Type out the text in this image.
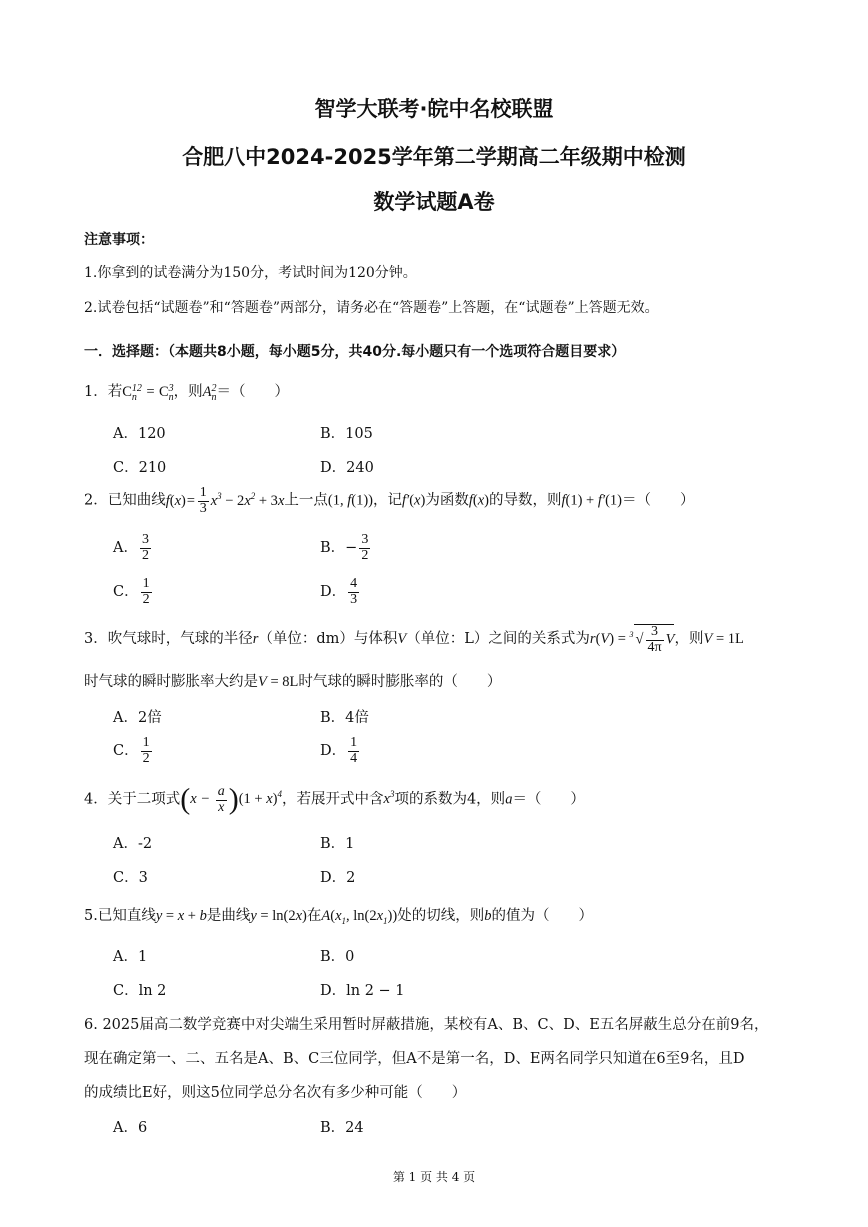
智学大联考·皖中名校联盟
合肥八中2024-2025学年第二学期高二年级期中检测
数学试题A卷
注意事项：
1.你拿到的试卷满分为150分，考试时间为120分钟。
2.试卷包括“试题卷”和“答题卷”两部分，请务必在“答题卷”上答题，在“试题卷”上答题无效。
一．选择题：（本题共8小题，每小题5分，共40分.每小题只有一个选项符合题目要求）
1．若C 12
n = C 3
n ，则A 2
n ＝（　　）
A．120	B．105
C．210	D．240
2．已知曲线$f(x)= \frac{1}{3} x^3 - 2x^2 + 3x$上一点(1, f(1))，记f′(x)为函数f(x)的导数，则f(1) + f′(1)＝（　　）
A． $\frac{3}{2}$	B．− $\frac{3}{2}$
C． $\frac{1}{2}$	D． $\frac{4}{3}$
3．吹气球时，气球的半径r（单位：dm）与体积V（单位：L）之间的关系式为r(V) = $^3$ √ $\frac{3}{4\pi}$ V，则V = 1L
时气球的瞬时膨胀率大约是V = 8L时气球的瞬时膨胀率的（　　）
A．2倍	B．4倍
C． $\frac{1}{2}$	D． $\frac{1}{4}$
4．关于二项式$(x - \frac{a}{x} )(1 + x)^4$，若展开式中含$x^3$项的系数为4，则a＝（　　）
A．-2	B．1
C．3	D．2
5.已知直线y = x + b是曲线y = ln(2x)在$A(x_1$, $\ln(2x_1)$)处的切线，则b的值为（　　）
A．1	B．0
C．ln 2	D．ln 2 − 1
6. 2025届高二数学竞赛中对尖端生采用暂时屏蔽措施，某校有A、B、C、D、E五名屏蔽生总分在前9名，
现在确定第一、二、五名是A、B、C三位同学，但A不是第一名，D、E两名同学只知道在6至9名，且D
的成绩比E好，则这5位同学总分名次有多少种可能（　　）
A．6	B．24
第 1 页 共 4 页
